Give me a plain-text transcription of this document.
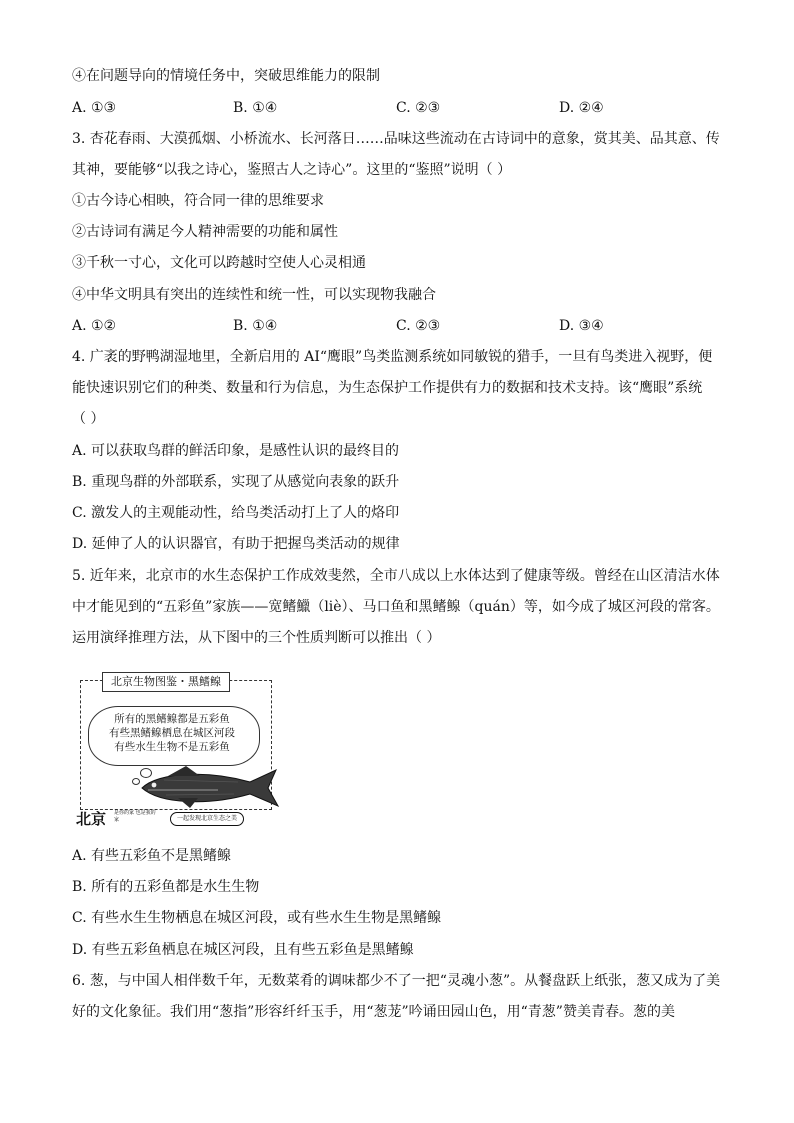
④在问题导向的情境任务中，突破思维能力的限制
A. ①③	B. ①④	C. ②③	D. ②④
3. 杏花春雨、大漠孤烟、小桥流水、长河落日……品味这些流动在古诗词中的意象，赏其美、品其意、传
其神，要能够“以我之诗心，鉴照古人之诗心”。这里的“鉴照”说明（ ）
①古今诗心相映，符合同一律的思维要求
②古诗词有满足今人精神需要的功能和属性
③千秋一寸心，文化可以跨越时空使人心灵相通
④中华文明具有突出的连续性和统一性，可以实现物我融合
A. ①②	B. ①④	C. ②③	D. ③④
4. 广袤的野鸭湖湿地里，全新启用的 AI“鹰眼”鸟类监测系统如同敏锐的猎手，一旦有鸟类进入视野，便
能快速识别它们的种类、数量和行为信息，为生态保护工作提供有力的数据和技术支持。该“鹰眼”系统
（ ）
A. 可以获取鸟群的鲜活印象，是感性认识的最终目的
B. 重现鸟群的外部联系，实现了从感觉向表象的跃升
C. 激发人的主观能动性，给鸟类活动打上了人的烙印
D. 延伸了人的认识器官，有助于把握鸟类活动的规律
5. 近年来，北京市的水生态保护工作成效斐然，全市八成以上水体达到了健康等级。曾经在山区清洁水体
中才能见到的“五彩鱼”家族——宽鳍鱲（liè）、马口鱼和黑鳍鳈（quán）等，如今成了城区河段的常客。
运用演绎推理方法，从下图中的三个性质判断可以推出（ ）
北京生物图鉴・黑鳍鳈
所有的黑鳍鳈都是五彩鱼
有些黑鳍鳈栖息在城区河段
有些水生生物不是五彩鱼
北京 是你的家 也是我的家	一起发现北京生态之美
A. 有些五彩鱼不是黑鳍鳈
B. 所有的五彩鱼都是水生生物
C. 有些水生生物栖息在城区河段，或有些水生生物是黑鳍鳈
D. 有些五彩鱼栖息在城区河段，且有些五彩鱼是黑鳍鳈
6. 葱，与中国人相伴数千年，无数菜肴的调味都少不了一把“灵魂小葱”。从餐盘跃上纸张，葱又成为了美
好的文化象征。我们用“葱指”形容纤纤玉手，用“葱茏”吟诵田园山色，用“青葱”赞美青春。葱的美
